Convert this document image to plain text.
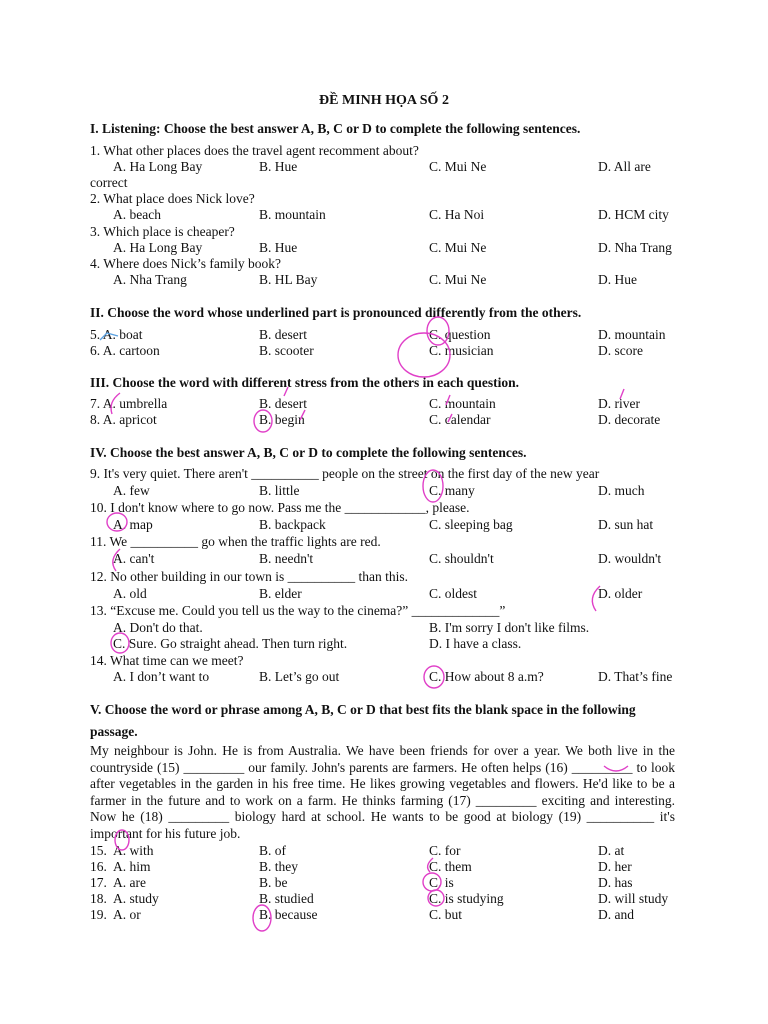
ĐỀ MINH HỌA SỐ 2
I. Listening: Choose the best answer A, B, C or D to complete the following sentences.
1. What other places does the travel agent recomment about?
A. Ha Long Bay	B. Hue	C. Mui Ne	D. All are
correct
2. What place does Nick love?
A. beach	B. mountain	C. Ha Noi	D. HCM city
3. Which place is cheaper?
A. Ha Long Bay	B. Hue	C. Mui Ne	D. Nha Trang
4. Where does Nick’s family book?
A. Nha Trang	B. HL Bay	C. Mui Ne	D. Hue
II. Choose the word whose underlined part is pronounced differently from the others.
5. A. boat	B. desert	C. question	D. mountain
6. A. cartoon	B. scooter	C. musician	D. score
III. Choose the word with different stress from the others in each question.
7. A. umbrella	B. desert	C. mountain	D. river
8. A. apricot	B. begin	C. calendar	D. decorate
IV. Choose the best answer A, B, C or D to complete the following sentences.
9. It's very quiet. There aren't __________ people on the street on the first day of the new year
A. few	B. little	C. many	D. much
10. I don't know where to go now. Pass me the ____________, please.
A. map	B. backpack	C. sleeping bag	D. sun hat
11. We __________ go when the traffic lights are red.
A. can't	B. needn't	C. shouldn't	D. wouldn't
12. No other building in our town is __________ than this.
A. old	B. elder	C. oldest	D. older
13. “Excuse me. Could you tell us the way to the cinema?” _____________”
A. Don't do that.	B. I'm sorry I don't like films.
C. Sure. Go straight ahead. Then turn right.	D. I have a class.
14. What time can we meet?
A. I don’t want to	B. Let’s go out	C. How about 8 a.m?	D. That’s fine
V. Choose the word or phrase among A, B, C or D that best fits the blank space in the following
passage.
My neighbour is John. He is from Australia. We have been friends for over a year. We both live in the countryside (15) _________ our family. John's parents are farmers. He often helps (16) _________ to look after vegetables in the garden in his free time. He likes growing vegetables and flowers. He'd like to be a farmer in the future and to work on a farm. He thinks farming (17) _________ exciting and interesting. Now he (18) _________ biology hard at school. He wants to be good at biology (19) __________ it's important for his future job.
15. A. with	B. of	C. for	D. at
16. A. him	B. they	C. them	D. her
17. A. are	B. be	C. is	D. has
18. A. study	B. studied	C. is studying	D. will study
19. A. or	B. because	C. but	D. and
